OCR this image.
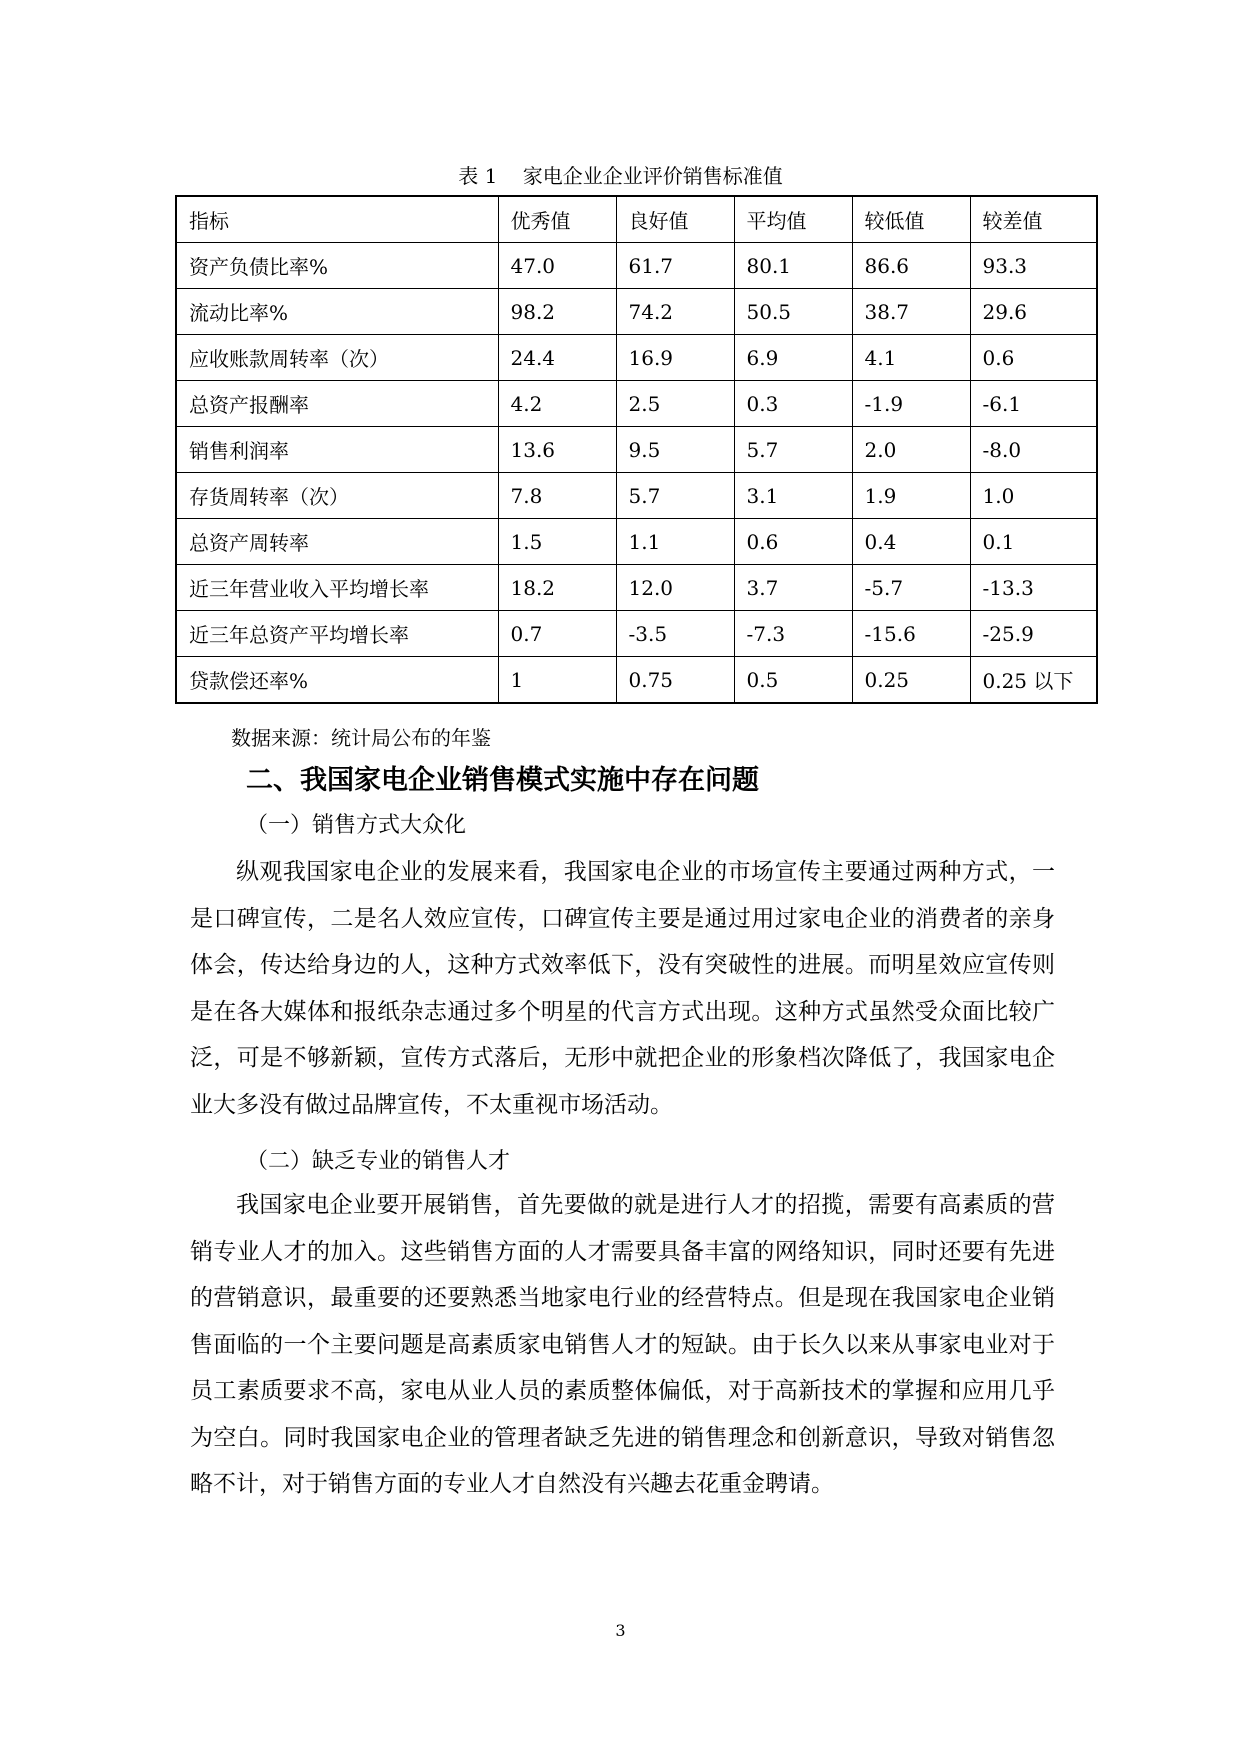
表 1    家电企业企业评价销售标准值
指标	优秀值	良好值	平均值	较低值	较差值
资产负债比率%	47.0	61.7	80.1	86.6	93.3
流动比率%	98.2	74.2	50.5	38.7	29.6
应收账款周转率（次）	24.4	16.9	6.9	4.1	0.6
总资产报酬率	4.2	2.5	0.3	-1.9	-6.1
销售利润率	13.6	9.5	5.7	2.0	-8.0
存货周转率（次）	7.8	5.7	3.1	1.9	1.0
总资产周转率	1.5	1.1	0.6	0.4	0.1
近三年营业收入平均增长率	18.2	12.0	3.7	-5.7	-13.3
近三年总资产平均增长率	0.7	-3.5	-7.3	-15.6	-25.9
贷款偿还率%	1	0.75	0.5	0.25	0.25 以下
数据来源：统计局公布的年鉴
二、我国家电企业销售模式实施中存在问题
（一）销售方式大众化

纵观我国家电企业的发展来看，我国家电企业的市场宣传主要通过两种方式，一是口碑宣传，二是名人效应宣传，口碑宣传主要是通过用过家电企业的消费者的亲身体会，传达给身边的人，这种方式效率低下，没有突破性的进展。而明星效应宣传则是在各大媒体和报纸杂志通过多个明星的代言方式出现。这种方式虽然受众面比较广泛，可是不够新颖，宣传方式落后，无形中就把企业的形象档次降低了，我国家电企业大多没有做过品牌宣传，不太重视市场活动。

（二）缺乏专业的销售人才

我国家电企业要开展销售，首先要做的就是进行人才的招揽，需要有高素质的营销专业人才的加入。这些销售方面的人才需要具备丰富的网络知识，同时还要有先进的营销意识，最重要的还要熟悉当地家电行业的经营特点。但是现在我国家电企业销售面临的一个主要问题是高素质家电销售人才的短缺。由于长久以来从事家电业对于员工素质要求不高，家电从业人员的素质整体偏低，对于高新技术的掌握和应用几乎为空白。同时我国家电企业的管理者缺乏先进的销售理念和创新意识，导致对销售忽略不计，对于销售方面的专业人才自然没有兴趣去花重金聘请。

3
